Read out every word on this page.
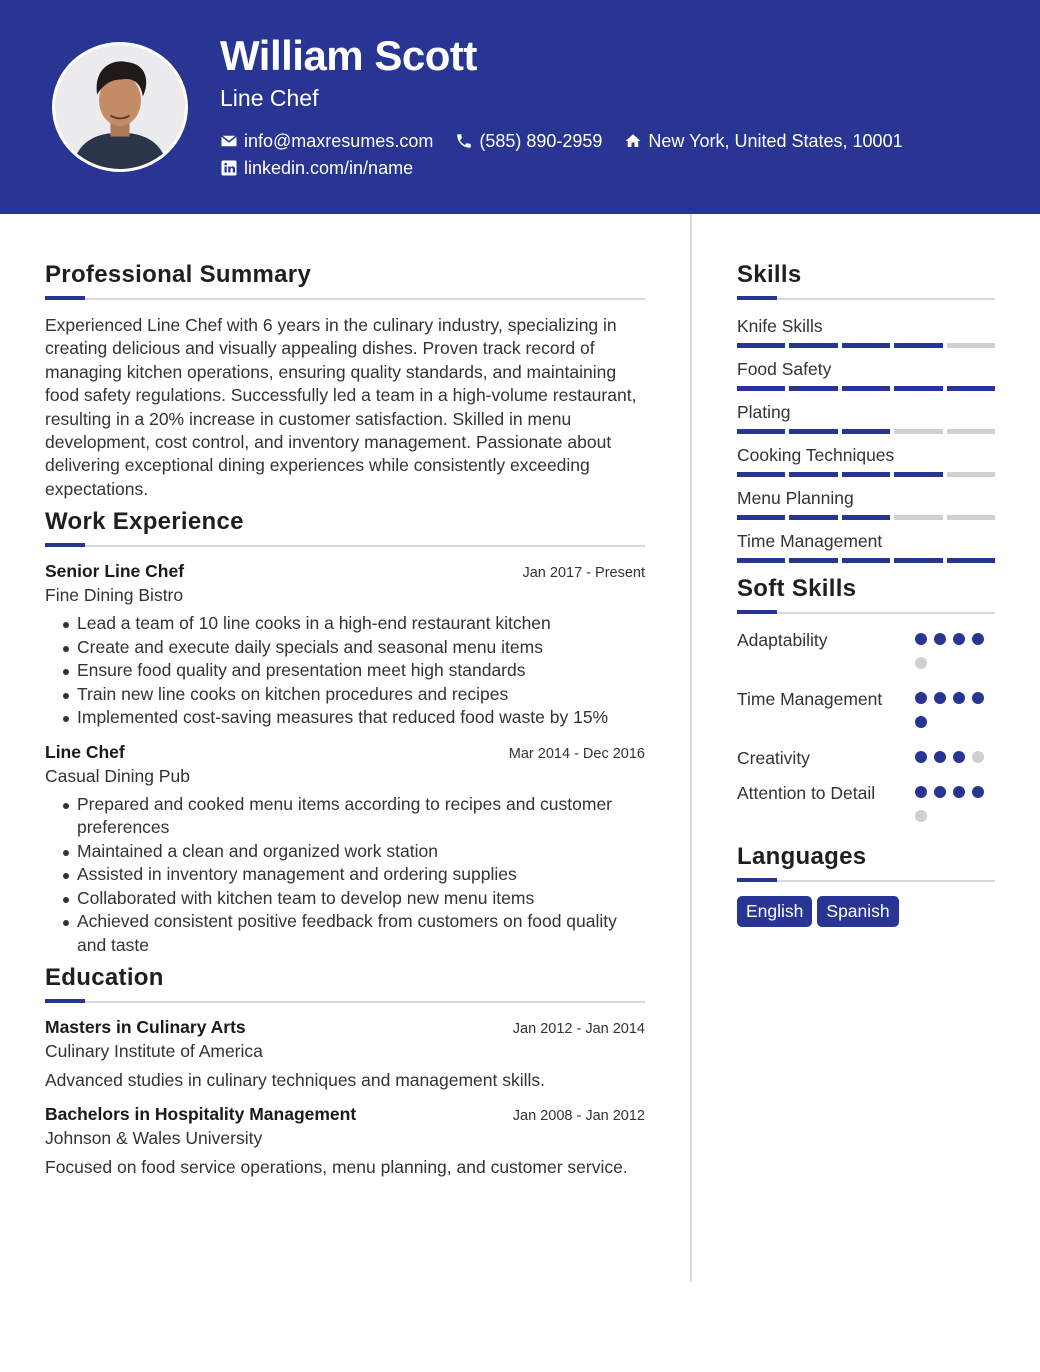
William Scott
Line Chef
info@maxresumes.com	(585) 890-2959	New York, United States, 10001
linkedin.com/in/name
Professional Summary

Experienced Line Chef with 6 years in the culinary industry, specializing in creating delicious and visually appealing dishes. Proven track record of managing kitchen operations, ensuring quality standards, and maintaining food safety regulations. Successfully led a team in a high-volume restaurant, resulting in a 20% increase in customer satisfaction. Skilled in menu development, cost control, and inventory management. Passionate about delivering exceptional dining experiences while consistently exceeding expectations.

Work Experience
Senior Line Chef	Jan 2017 - Present
Fine Dining Bistro
Lead a team of 10 line cooks in a high-end restaurant kitchen
Create and execute daily specials and seasonal menu items
Ensure food quality and presentation meet high standards
Train new line cooks on kitchen procedures and recipes
Implemented cost-saving measures that reduced food waste by 15%
Line Chef	Mar 2014 - Dec 2016
Casual Dining Pub
Prepared and cooked menu items according to recipes and customer preferences
Maintained a clean and organized work station
Assisted in inventory management and ordering supplies
Collaborated with kitchen team to develop new menu items
Achieved consistent positive feedback from customers on food quality and taste
Education
Masters in Culinary Arts	Jan 2012 - Jan 2014
Culinary Institute of America
Advanced studies in culinary techniques and management skills.
Bachelors in Hospitality Management	Jan 2008 - Jan 2012
Johnson & Wales University
Focused on food service operations, menu planning, and customer service.
Skills
Knife Skills
Food Safety
Plating
Cooking Techniques
Menu Planning
Time Management
Soft Skills
Adaptability
Time Management
Creativity
Attention to Detail
Languages
English	Spanish
